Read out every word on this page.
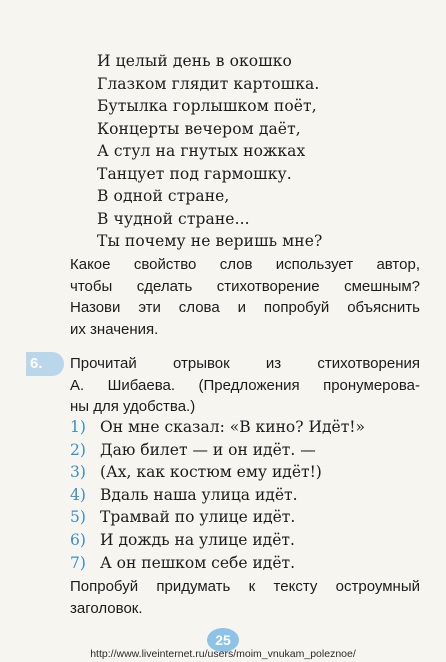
И целый день в окошко
Глазком глядит картошка.
Бутылка горлышком поёт,
Концерты вечером даёт,
А стул на гнутых ножках
Танцует под гармошку.
В одной стране,
В чудной стране...
Ты почему не веришь мне?
Какое свойство слов использует автор,
чтобы сделать стихотворение смешным?
Назови эти слова и попробуй объяснить
их значения.
6.	Прочитай отрывок из стихотворения
А. Шибаева. (Предложения пронумерова-
ны для удобства.)
1) Он мне сказал: «В кино? Идёт!»
2) Даю билет — и он идёт. —
3) (Ах, как костюм ему идёт!)
4) Вдаль наша улица идёт.
5) Трамвай по улице идёт.
6) И дождь на улице идёт.
7) А он пешком себе идёт.
Попробуй придумать к тексту остроумный
заголовок.
25
http://www.liveinternet.ru/users/moim_vnukam_poleznoe/
